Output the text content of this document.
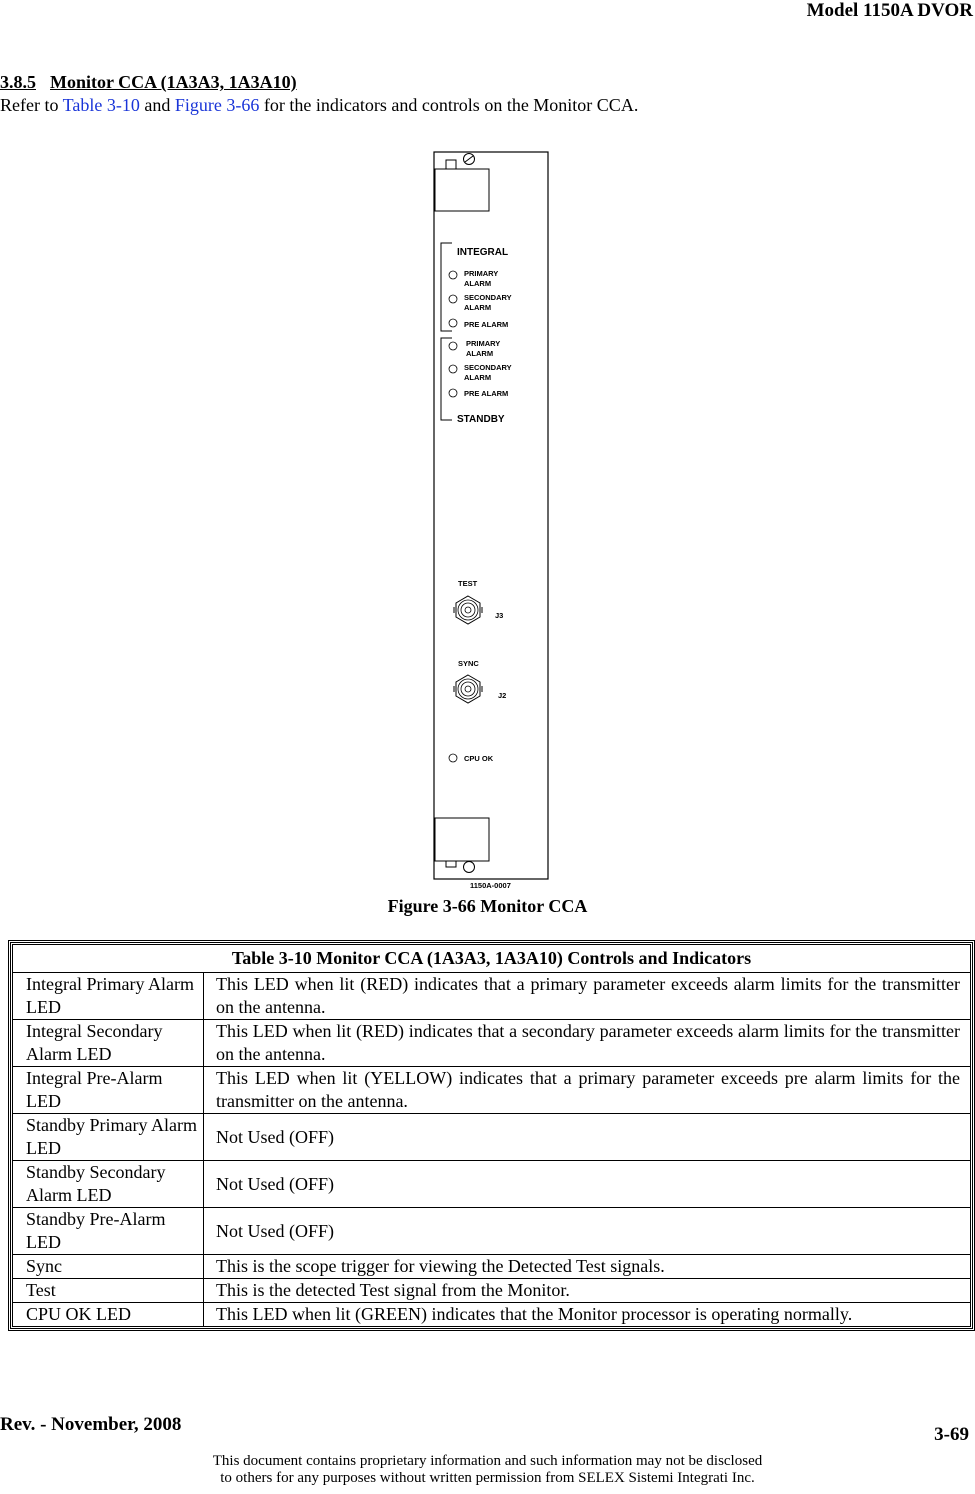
Model 1150A DVOR
3.8.5 Monitor CCA (1A3A3, 1A3A10)
Refer to Table 3-10 and Figure 3-66 for the indicators and controls on the Monitor CCA.
INTEGRAL
PRIMARY
ALARM
SECONDARY
ALARM
PRE ALARM
PRIMARY
ALARM
SECONDARY
ALARM
PRE ALARM
STANDBY
TEST
J3
SYNC
J2
CPU OK
1150A-0007
Figure 3-66 Monitor CCA
Table 3-10 Monitor CCA (1A3A3, 1A3A10) Controls and Indicators	
Integral Primary Alarm LED	This LED when lit (RED) indicates that a primary parameter exceeds alarm limits for the transmitter on the antenna.
Integral Secondary Alarm LED	This LED when lit (RED) indicates that a secondary parameter exceeds alarm limits for the transmitter on the antenna.
Integral Pre-Alarm LED	This LED when lit (YELLOW) indicates that a primary parameter exceeds pre alarm limits for the transmitter on the antenna.
Standby Primary Alarm LED	Not Used (OFF)
Standby Secondary Alarm LED	Not Used (OFF)
Standby Pre-Alarm LED	Not Used (OFF)
Sync	This is the scope trigger for viewing the Detected Test signals.
Test	This is the detected Test signal from the Monitor.
CPU OK LED	This LED when lit (GREEN) indicates that the Monitor processor is operating normally.
Rev. - November, 2008	3-69
This document contains proprietary information and such information may not be disclosed
to others for any purposes without written permission from SELEX Sistemi Integrati Inc.
